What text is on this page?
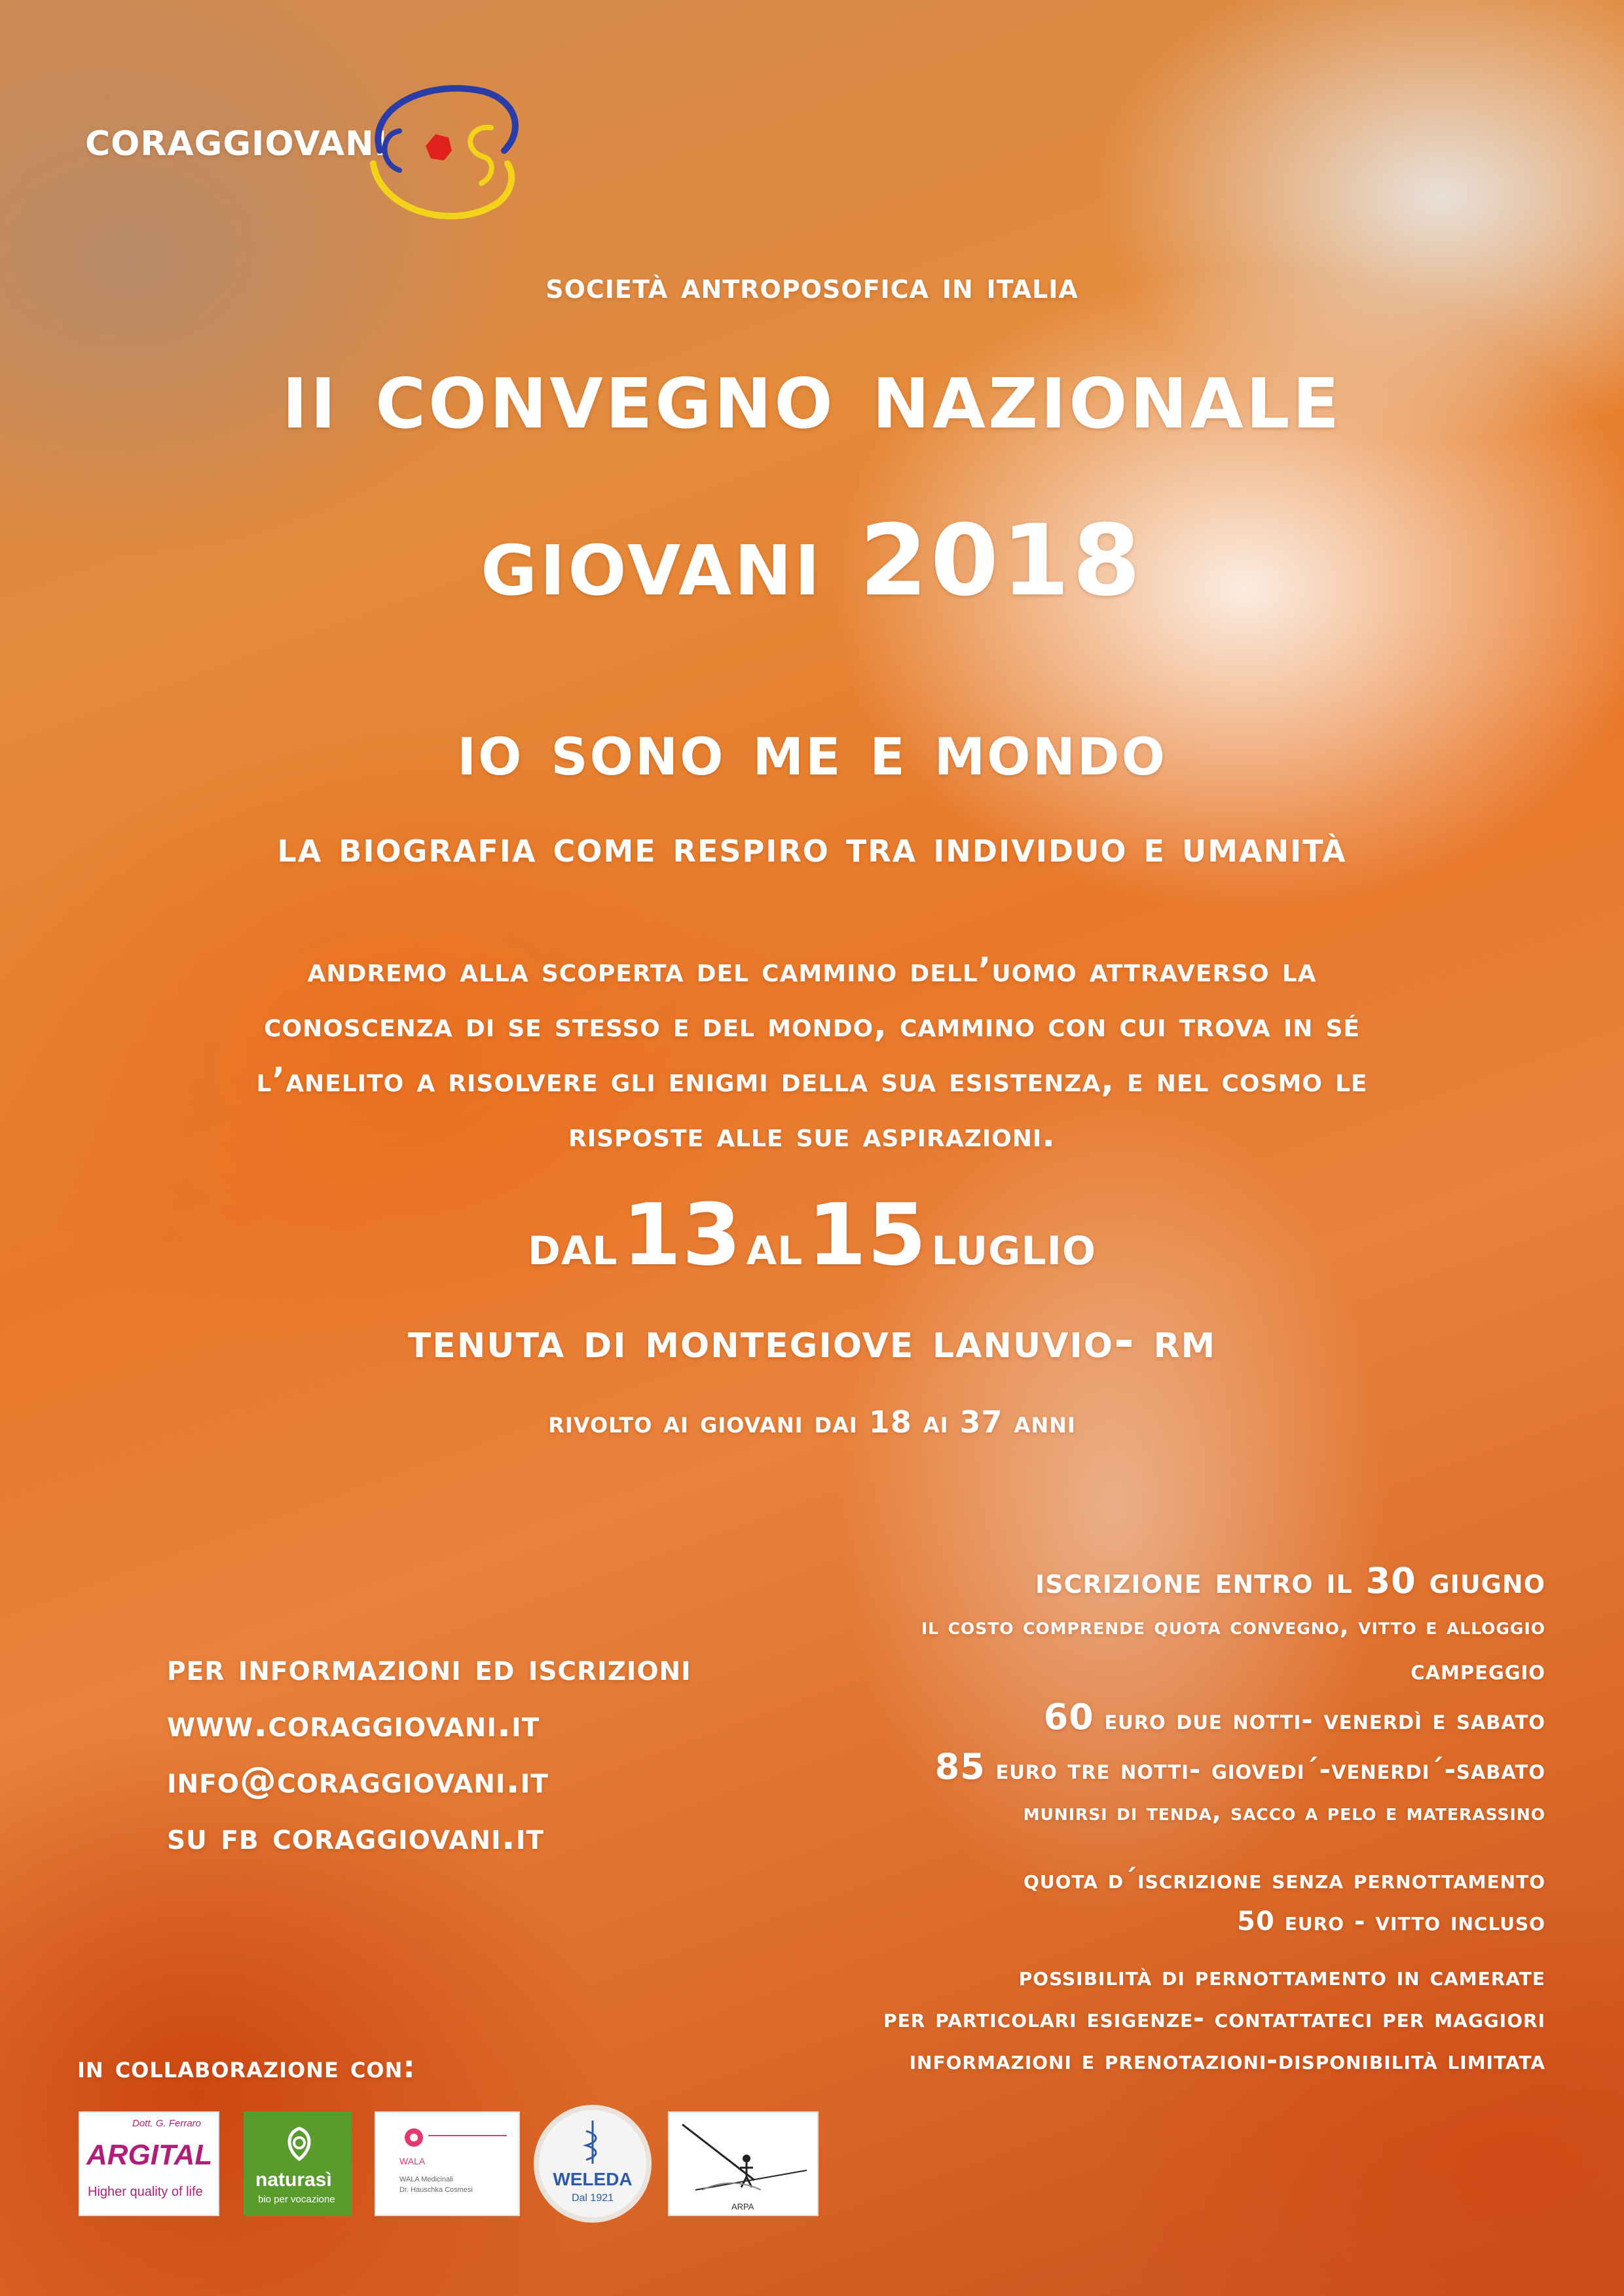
CORAGGIOVANI
società antroposofica in italia
ii convegno nazionale
giovani 2018
io sono me e mondo
la biografia come respiro tra individuo e umanità
andremo alla scoperta del cammino dell’uomo attraverso la
conoscenza di se stesso e del mondo, cammino con cui trova in sé
l’anelito a risolvere gli enigmi della sua esistenza, e nel cosmo le
risposte alle sue aspirazioni.
dal 13 al 15 luglio
tenuta di montegiove lanuvio- rm
rivolto ai giovani dai 18 ai 37 anni
per informazioni ed iscrizioni
www.coraggiovani.it
info@coraggiovani.it
su fb coraggiovani.it
iscrizione entro il 30 giugno
il costo comprende quota convegno, vitto e alloggio
campeggio
60 euro due notti- venerdì e sabato
85 euro tre notti- giovedi´-venerdi´-sabato
munirsi di tenda, sacco a pelo e materassino
quota d´iscrizione senza pernottamento
50 euro - vitto incluso
possibilità di pernottamento in camerate
per particolari esigenze- contattateci per maggiori
informazioni e prenotazioni-disponibilità limitata
in collaborazione con:
Dott. G. Ferraro
ARGITAL
Higher quality of life
naturasì
bio per vocazione
WALA
WALA Medicinali
Dr. Hauschka Cosmesi
WELEDA
Dal 1921
ARPA
